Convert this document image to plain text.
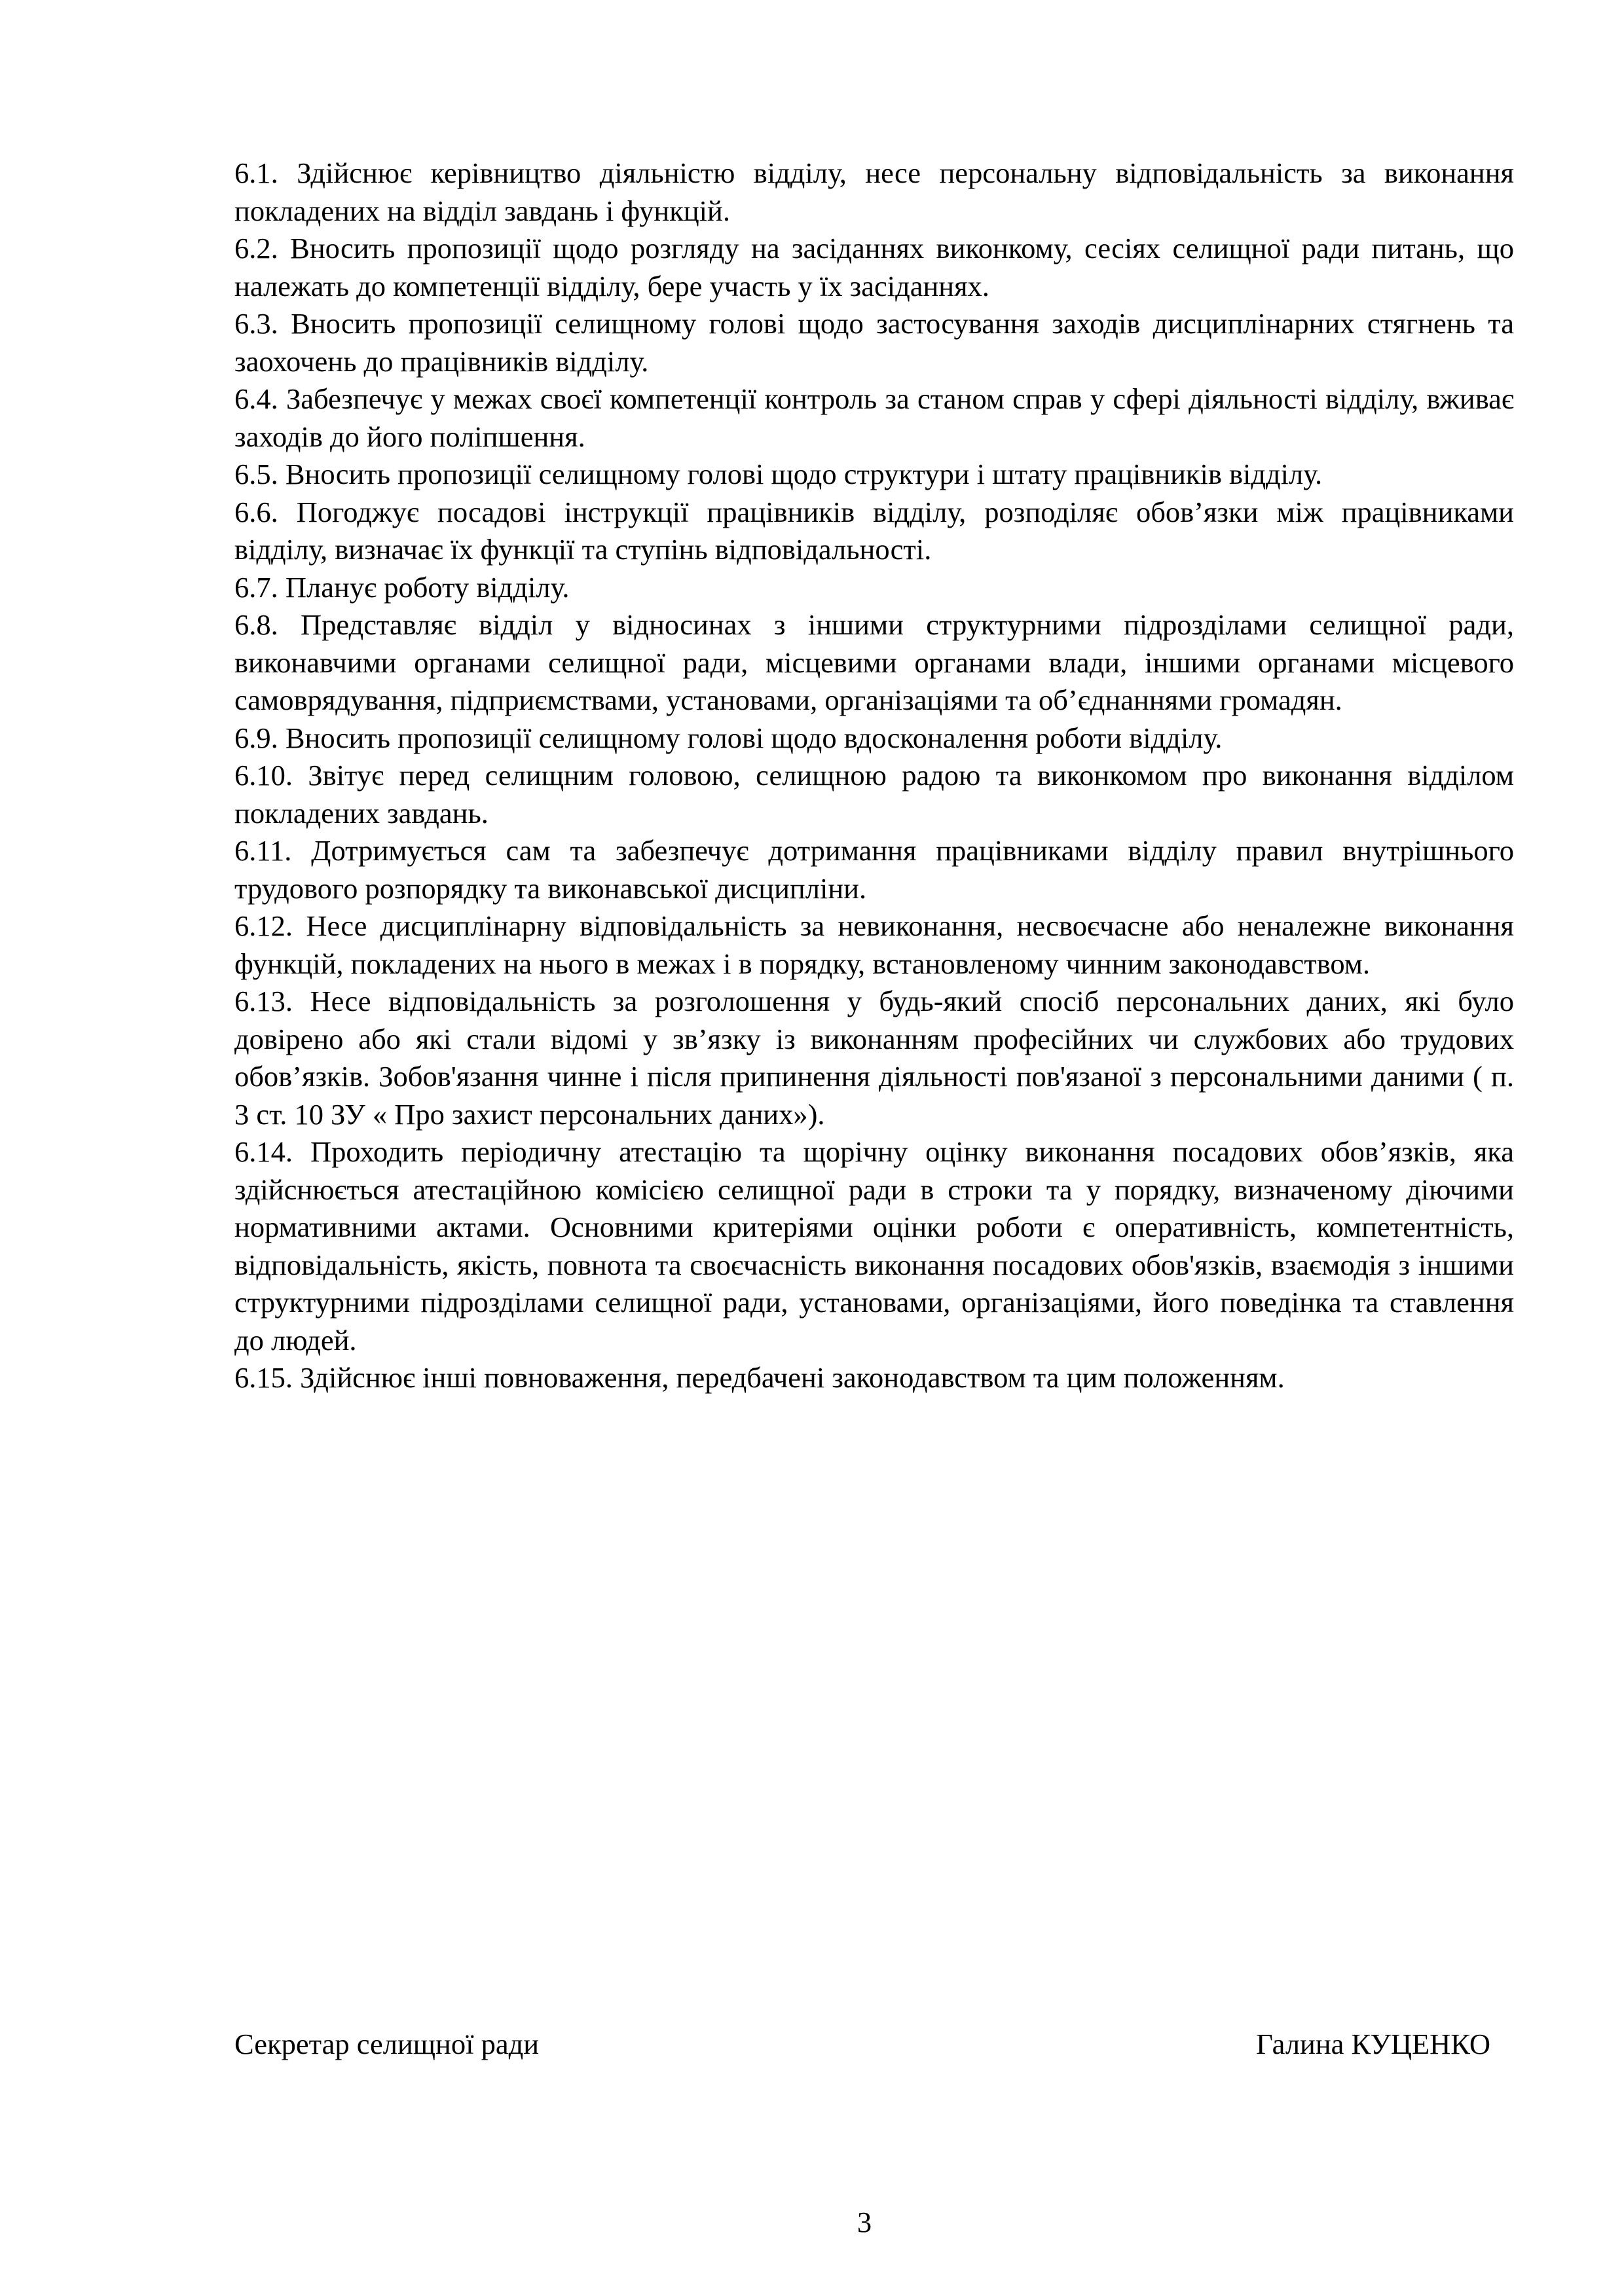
6.1. Здійснює керівництво діяльністю відділу, несе персональну відповідальність за виконання покладених на відділ завдань і функцій.

6.2. Вносить пропозиції щодо розгляду на засіданнях виконкому, сесіях селищної ради питань, що належать до компетенції відділу, бере участь у їх засіданнях.

6.3. Вносить пропозиції селищному голові щодо застосування заходів дисциплінарних стягнень та заохочень до працівників відділу.

6.4. Забезпечує у межах своєї компетенції контроль за станом справ у сфері діяльності відділу, вживає заходів до його поліпшення.

6.5. Вносить пропозиції селищному голові щодо структури і штату працівників відділу.

6.6. Погоджує посадові інструкції працівників відділу, розподіляє обов’язки між працівниками відділу, визначає їх функції та ступінь відповідальності.

6.7. Планує роботу відділу.

6.8. Представляє відділ у відносинах з іншими структурними підрозділами селищної ради, виконавчими органами селищної ради, місцевими органами влади, іншими органами місцевого самоврядування, підприємствами, установами, організаціями та об’єднаннями громадян.

6.9. Вносить пропозиції селищному голові щодо вдосконалення роботи відділу.

6.10. Звітує перед селищним головою, селищною радою та виконкомом про виконання відділом покладених завдань.

6.11. Дотримується сам та забезпечує дотримання працівниками відділу правил внутрішнього трудового розпорядку та виконавської дисципліни.

6.12. Несе дисциплінарну відповідальність за невиконання, несвоєчасне або неналежне виконання функцій, покладених на нього в межах і в порядку, встановленому чинним законодавством.

6.13. Несе відповідальність за розголошення у будь-який спосіб персональних даних, які було довірено або які стали відомі у зв’язку із виконанням професійних чи службових або трудових обов’язків. Зобов'язання чинне і після припинення діяльності пов'язаної з персональними даними ( п. 3 ст. 10 ЗУ « Про захист персональних даних»).

6.14. Проходить періодичну атестацію та щорічну оцінку виконання посадових обов’язків, яка здійснюється атестаційною комісією селищної ради в строки та у порядку, визначеному діючими нормативними актами. Основними критеріями оцінки роботи є оперативність, компетентність, відповідальність, якість, повнота та своєчасність виконання посадових обов'язків, взаємодія з іншими структурними підрозділами селищної ради, установами, організаціями, його поведінка та ставлення до людей.

6.15. Здійснює інші повноваження, передбачені законодавством та цим положенням.

Секретар селищної ради	Галина КУЦЕНКО
3
